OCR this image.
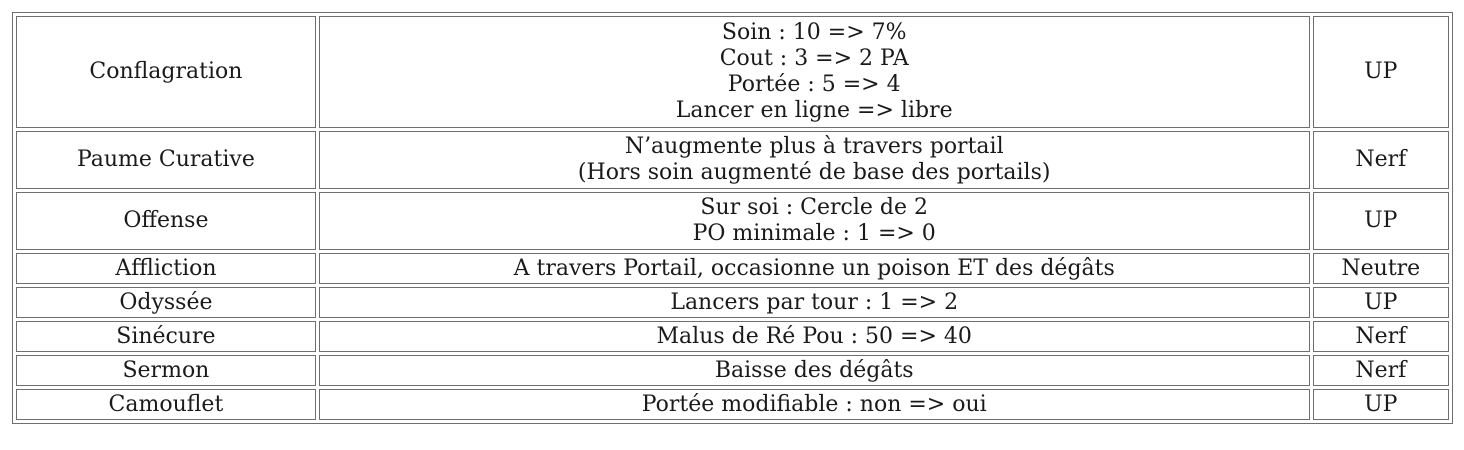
Conflagration	Soin : 10 => 7%
Cout : 3 => 2 PA
Portée : 5 => 4
Lancer en ligne => libre	UP
Paume Curative	N’augmente plus à travers portail
(Hors soin augmenté de base des portails)	Nerf
Offense	Sur soi : Cercle de 2
PO minimale : 1 => 0	UP
Affliction	A travers Portail, occasionne un poison ET des dégâts	Neutre
Odyssée	Lancers par tour : 1 => 2	UP
Sinécure	Malus de Ré Pou : 50 => 40	Nerf
Sermon	Baisse des dégâts	Nerf
Camouflet	Portée modifiable : non => oui	UP
